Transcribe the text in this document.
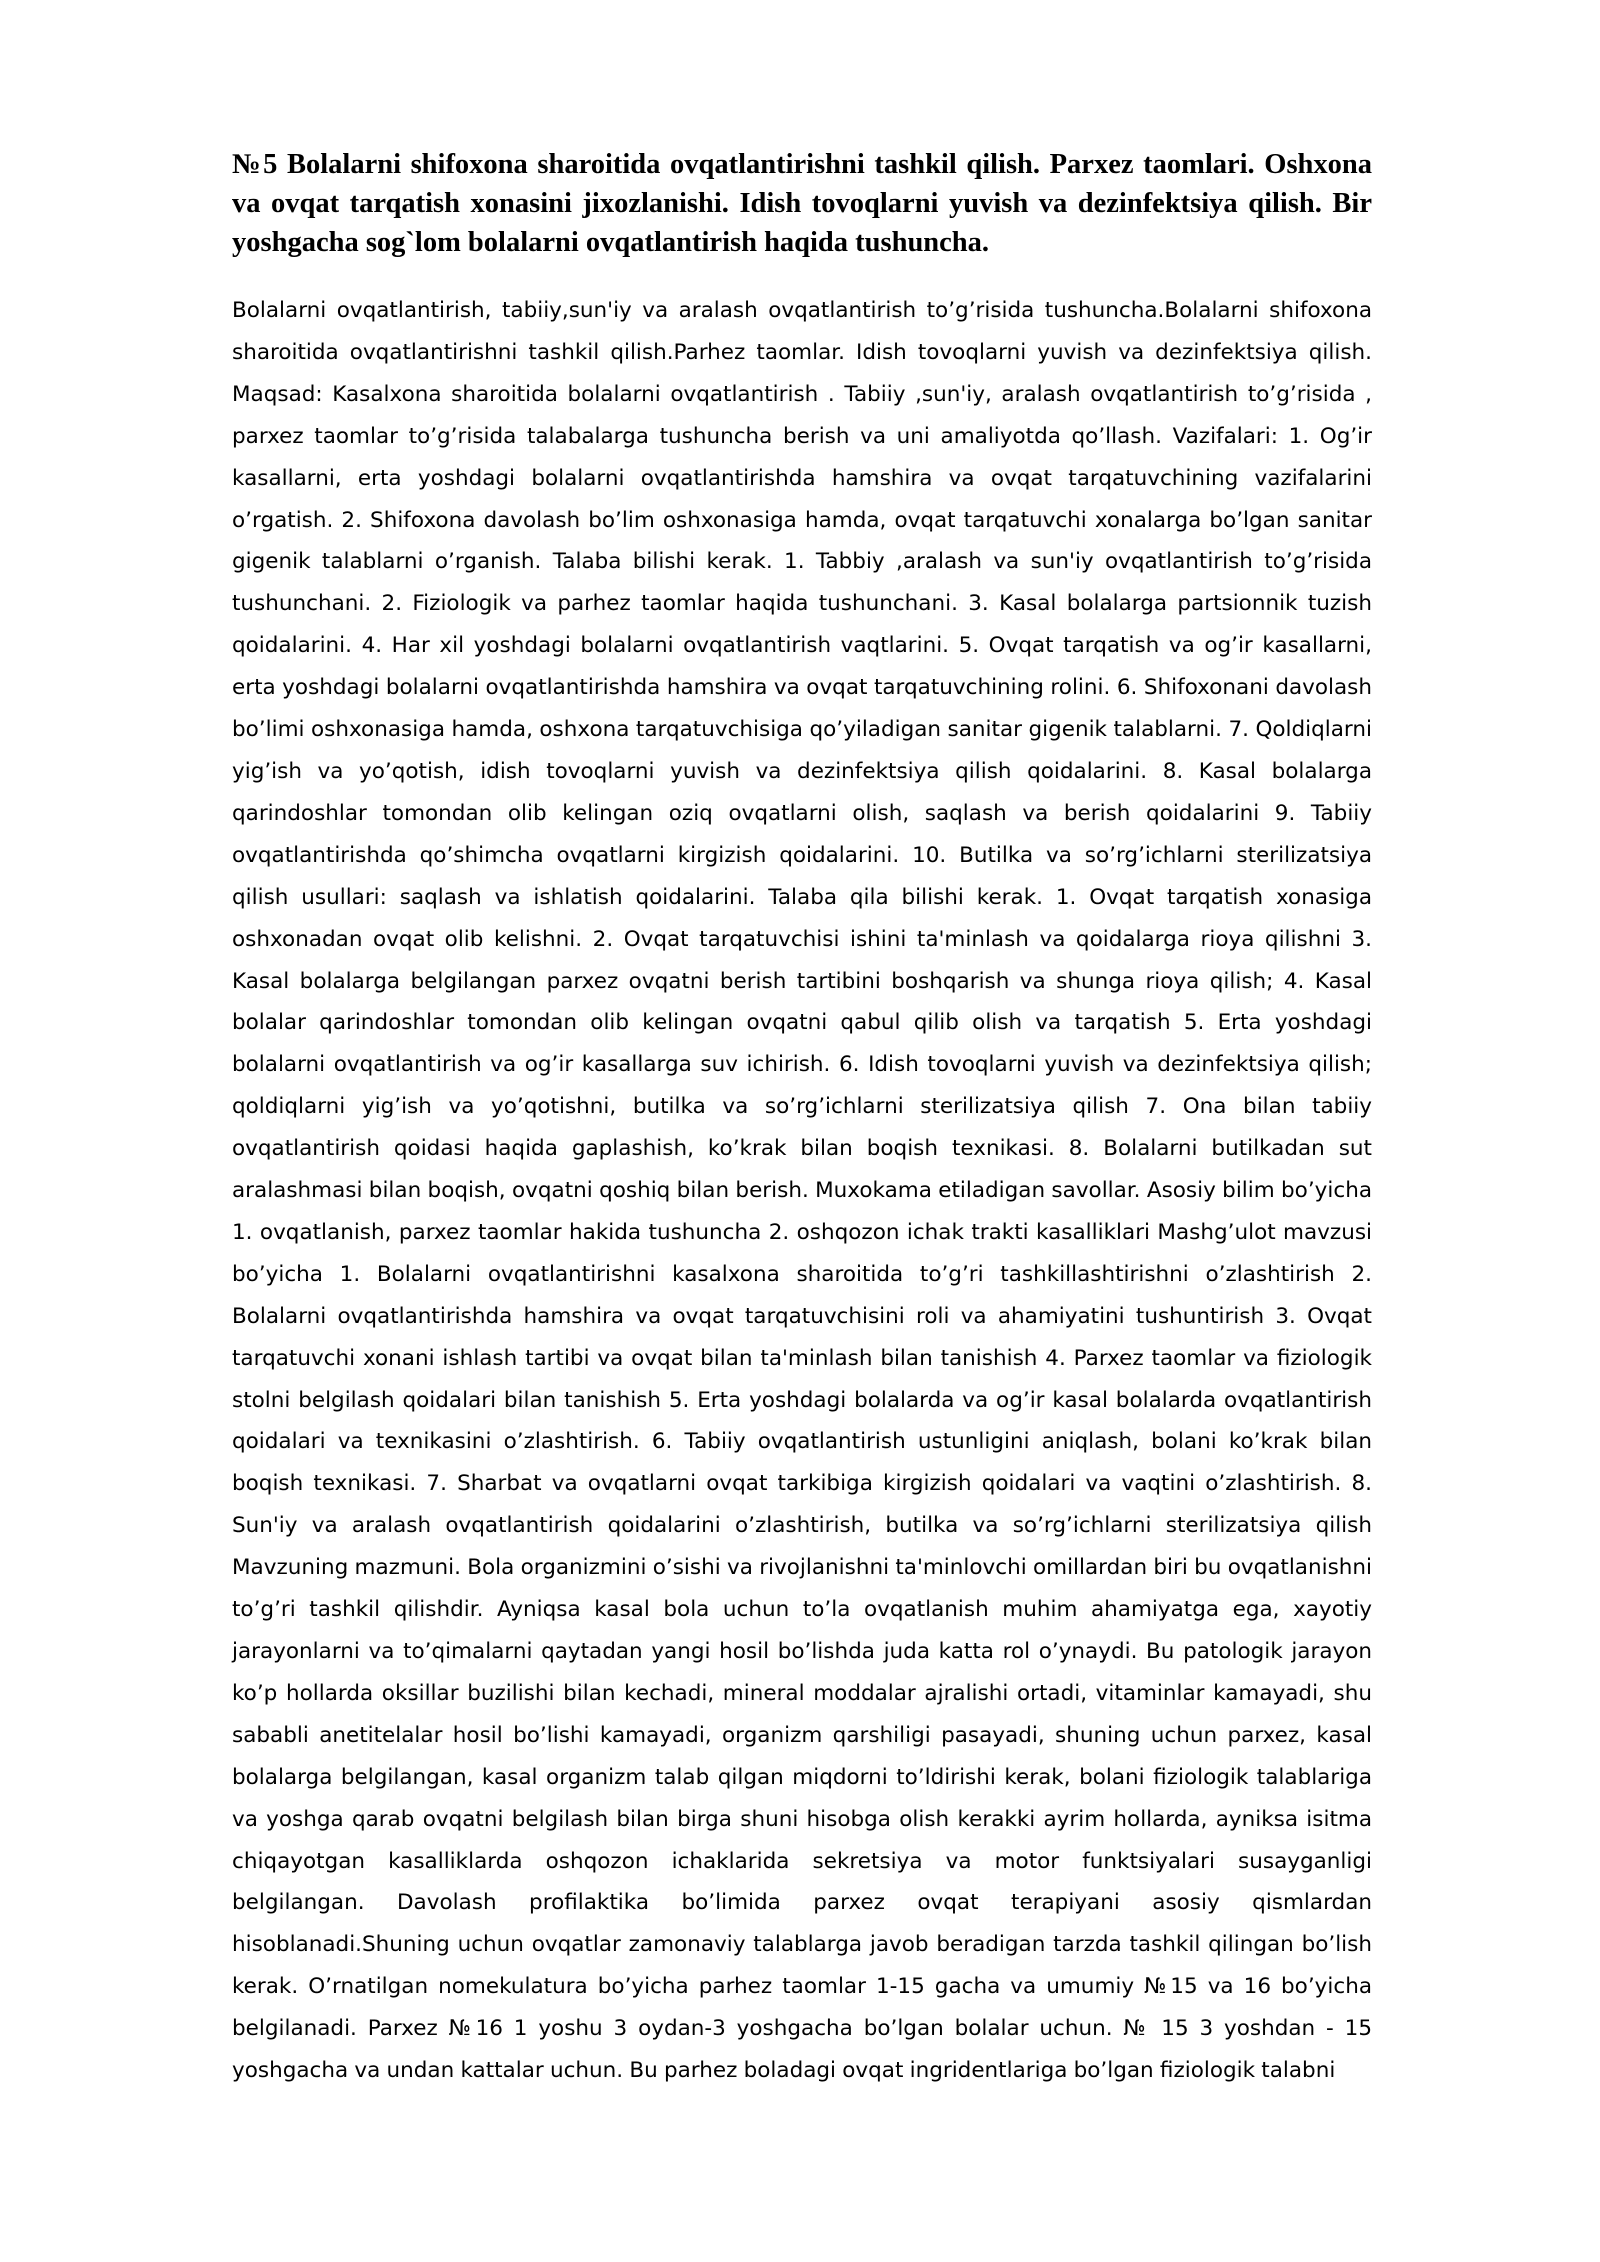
№5 Bolalarni shifoxona sharoitida ovqatlantirishni tashkil qilish. Parxez taomlari. Oshxona va ovqat tarqatish xonasini jixozlanishi. Idish tovoqlarni yuvish va dezinfektsiya qilish. Bir yoshgacha sog`lom bolalarni ovqatlantirish haqida tushuncha.

Bolalarni ovqatlantirish, tabiiy,sun'iy va aralash ovqatlantirish to’g’risida tushuncha.Bolalarni shifoxona sharoitida ovqatlantirishni tashkil qilish.Parhez taomlar. Idish tovoqlarni yuvish va dezinfektsiya qilish. Maqsad: Kasalxona sharoitida bolalarni ovqatlantirish . Tabiiy ,sun'iy, aralash ovqatlantirish to’g’risida , parxez taomlar to’g’risida talabalarga tushuncha berish va uni amaliyotda qo’llash. Vazifalari: 1. Og’ir kasallarni, erta yoshdagi bolalarni ovqatlantirishda hamshira va ovqat tarqatuvchining vazifalarini o’rgatish. 2. Shifoxona davolash bo’lim oshxonasiga hamda, ovqat tarqatuvchi xonalarga bo’lgan sanitar gigenik talablarni o’rganish. Talaba bilishi kerak. 1. Tabbiy ,aralash va sun'iy ovqatlantirish to’g’risida tushunchani. 2. Fiziologik va parhez taomlar haqida tushunchani. 3. Kasal bolalarga partsionnik tuzish qoidalarini. 4. Har xil yoshdagi bolalarni ovqatlantirish vaqtlarini. 5. Ovqat tarqatish va og’ir kasallarni, erta yoshdagi bolalarni ovqatlantirishda hamshira va ovqat tarqatuvchining rolini. 6. Shifoxonani davolash bo’limi oshxonasiga hamda, oshxona tarqatuvchisiga qo’yiladigan sanitar gigenik talablarni. 7. Qoldiqlarni yig’ish va yo’qotish, idish tovoqlarni yuvish va dezinfektsiya qilish qoidalarini. 8. Kasal bolalarga qarindoshlar tomondan olib kelingan oziq ovqatlarni olish, saqlash va berish qoidalarini 9. Tabiiy ovqatlantirishda qo’shimcha ovqatlarni kirgizish qoidalarini. 10. Butilka va so’rg’ichlarni sterilizatsiya qilish usullari: saqlash va ishlatish qoidalarini. Talaba qila bilishi kerak. 1. Ovqat tarqatish xonasiga oshxonadan ovqat olib kelishni. 2. Ovqat tarqatuvchisi ishini ta'minlash va qoidalarga rioya qilishni 3. Kasal bolalarga belgilangan parxez ovqatni berish tartibini boshqarish va shunga rioya qilish; 4. Kasal bolalar qarindoshlar tomondan olib kelingan ovqatni qabul qilib olish va tarqatish 5. Erta yoshdagi bolalarni ovqatlantirish va og’ir kasallarga suv ichirish. 6. Idish tovoqlarni yuvish va dezinfektsiya qilish; qoldiqlarni yig’ish va yo’qotishni, butilka va so’rg’ichlarni sterilizatsiya qilish 7. Ona bilan tabiiy ovqatlantirish qoidasi haqida gaplashish, ko’krak bilan boqish texnikasi. 8. Bolalarni butilkadan sut aralashmasi bilan boqish, ovqatni qoshiq bilan berish. Muxokama etiladigan savollar. Asosiy bilim bo’yicha 1. ovqatlanish, parxez taomlar hakida tushuncha 2. oshqozon ichak trakti kasalliklari Mashg’ulot mavzusi bo’yicha 1. Bolalarni ovqatlantirishni kasalxona sharoitida to’g’ri tashkillashtirishni o’zlashtirish 2. Bolalarni ovqatlantirishda hamshira va ovqat tarqatuvchisini roli va ahamiyatini tushuntirish 3. Ovqat tarqatuvchi xonani ishlash tartibi va ovqat bilan ta'minlash bilan tanishish 4. Parxez taomlar va fiziologik stolni belgilash qoidalari bilan tanishish 5. Erta yoshdagi bolalarda va og’ir kasal bolalarda ovqatlantirish qoidalari va texnikasini o’zlashtirish. 6. Tabiiy ovqatlantirish ustunligini aniqlash, bolani ko’krak bilan boqish texnikasi. 7. Sharbat va ovqatlarni ovqat tarkibiga kirgizish qoidalari va vaqtini o’zlashtirish. 8. Sun'iy va aralash ovqatlantirish qoidalarini o’zlashtirish, butilka va so’rg’ichlarni sterilizatsiya qilish Mavzuning mazmuni. Bola organizmini o’sishi va rivojlanishni ta'minlovchi omillardan biri bu ovqatlanishni to’g’ri tashkil qilishdir. Ayniqsa kasal bola uchun to’la ovqatlanish muhim ahamiyatga ega, xayotiy jarayonlarni va to’qimalarni qaytadan yangi hosil bo’lishda juda katta rol o’ynaydi. Bu patologik jarayon ko’p hollarda oksillar buzilishi bilan kechadi, mineral moddalar ajralishi ortadi, vitaminlar kamayadi, shu sababli anetitelalar hosil bo’lishi kamayadi, organizm qarshiligi pasayadi, shuning uchun parxez, kasal bolalarga belgilangan, kasal organizm talab qilgan miqdorni to’ldirishi kerak, bolani fiziologik talablariga va yoshga qarab ovqatni belgilash bilan birga shuni hisobga olish kerakki ayrim hollarda, ayniksa isitma chiqayotgan kasalliklarda oshqozon ichaklarida sekretsiya va motor funktsiyalari susayganligi belgilangan. Davolash profilaktika bo’limida parxez ovqat terapiyani asosiy qismlardan hisoblanadi.Shuning uchun ovqatlar zamonaviy talablarga javob beradigan tarzda tashkil qilingan bo’lish kerak. O’rnatilgan nomekulatura bo’yicha parhez taomlar 1-15 gacha va umumiy №15 va 16 bo’yicha belgilanadi. Parxez №16 1 yoshu 3 oydan-3 yoshgacha bo’lgan bolalar uchun. № 15 3 yoshdan - 15 yoshgacha va undan kattalar uchun. Bu parhez boladagi ovqat ingridentlariga bo’lgan fiziologik talabni
